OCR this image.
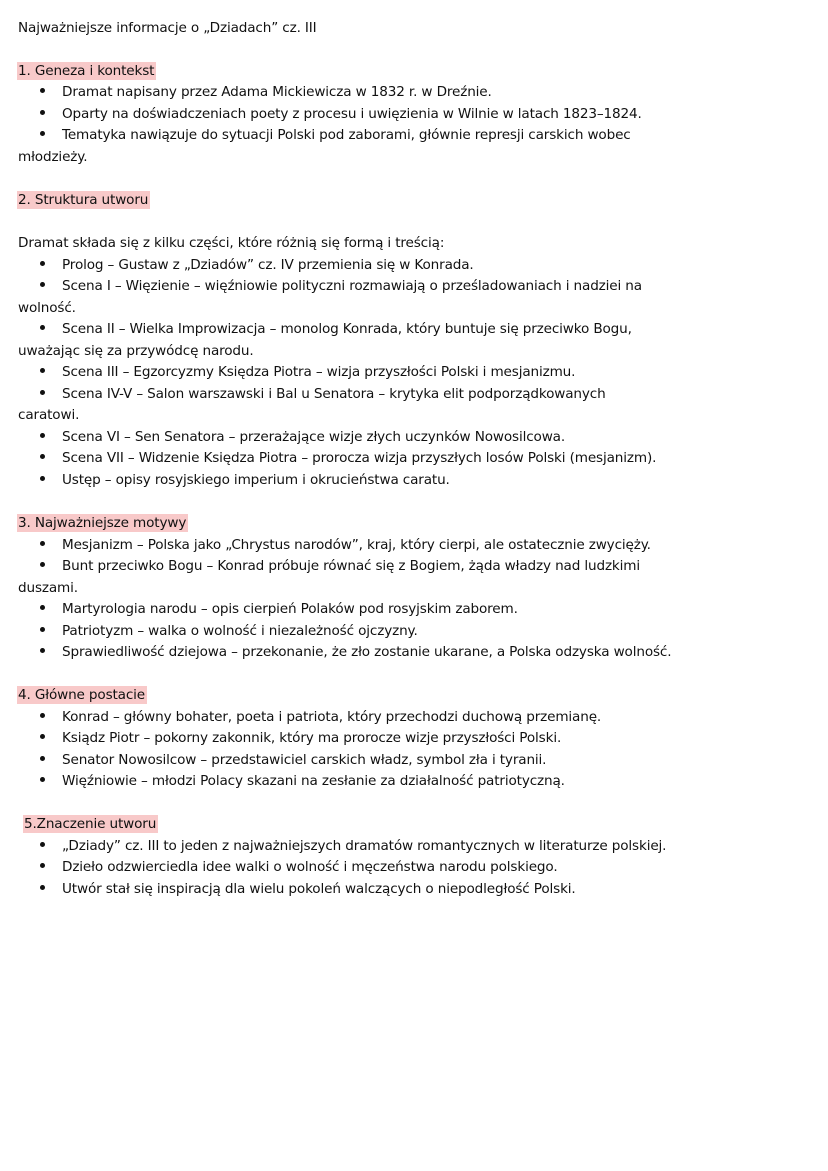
Najważniejsze informacje o „Dziadach” cz. III
1. Geneza i kontekst
Dramat napisany przez Adama Mickiewicza w 1832 r. w Dreźnie.
Oparty na doświadczeniach poety z procesu i uwięzienia w Wilnie w latach 1823–1824.
Tematyka nawiązuje do sytuacji Polski pod zaborami, głównie represji carskich wobec
młodzieży.
2. Struktura utworu
Dramat składa się z kilku części, które różnią się formą i treścią:
Prolog – Gustaw z „Dziadów” cz. IV przemienia się w Konrada.
Scena I – Więzienie – więźniowie polityczni rozmawiają o prześladowaniach i nadziei na
wolność.
Scena II – Wielka Improwizacja – monolog Konrada, który buntuje się przeciwko Bogu,
uważając się za przywódcę narodu.
Scena III – Egzorcyzmy Księdza Piotra – wizja przyszłości Polski i mesjanizmu.
Scena IV-V – Salon warszawski i Bal u Senatora – krytyka elit podporządkowanych
caratowi.
Scena VI – Sen Senatora – przerażające wizje złych uczynków Nowosilcowa.
Scena VII – Widzenie Księdza Piotra – prorocza wizja przyszłych losów Polski (mesjanizm).
Ustęp – opisy rosyjskiego imperium i okrucieństwa caratu.
3. Najważniejsze motywy
Mesjanizm – Polska jako „Chrystus narodów”, kraj, który cierpi, ale ostatecznie zwycięży.
Bunt przeciwko Bogu – Konrad próbuje równać się z Bogiem, żąda władzy nad ludzkimi
duszami.
Martyrologia narodu – opis cierpień Polaków pod rosyjskim zaborem.
Patriotyzm – walka o wolność i niezależność ojczyzny.
Sprawiedliwość dziejowa – przekonanie, że zło zostanie ukarane, a Polska odzyska wolność.
4. Główne postacie
Konrad – główny bohater, poeta i patriota, który przechodzi duchową przemianę.
Ksiądz Piotr – pokorny zakonnik, który ma prorocze wizje przyszłości Polski.
Senator Nowosilcow – przedstawiciel carskich władz, symbol zła i tyranii.
Więźniowie – młodzi Polacy skazani na zesłanie za działalność patriotyczną.
5.Znaczenie utworu
„Dziady” cz. III to jeden z najważniejszych dramatów romantycznych w literaturze polskiej.
Dzieło odzwierciedla idee walki o wolność i męczeństwa narodu polskiego.
Utwór stał się inspiracją dla wielu pokoleń walczących o niepodległość Polski.
